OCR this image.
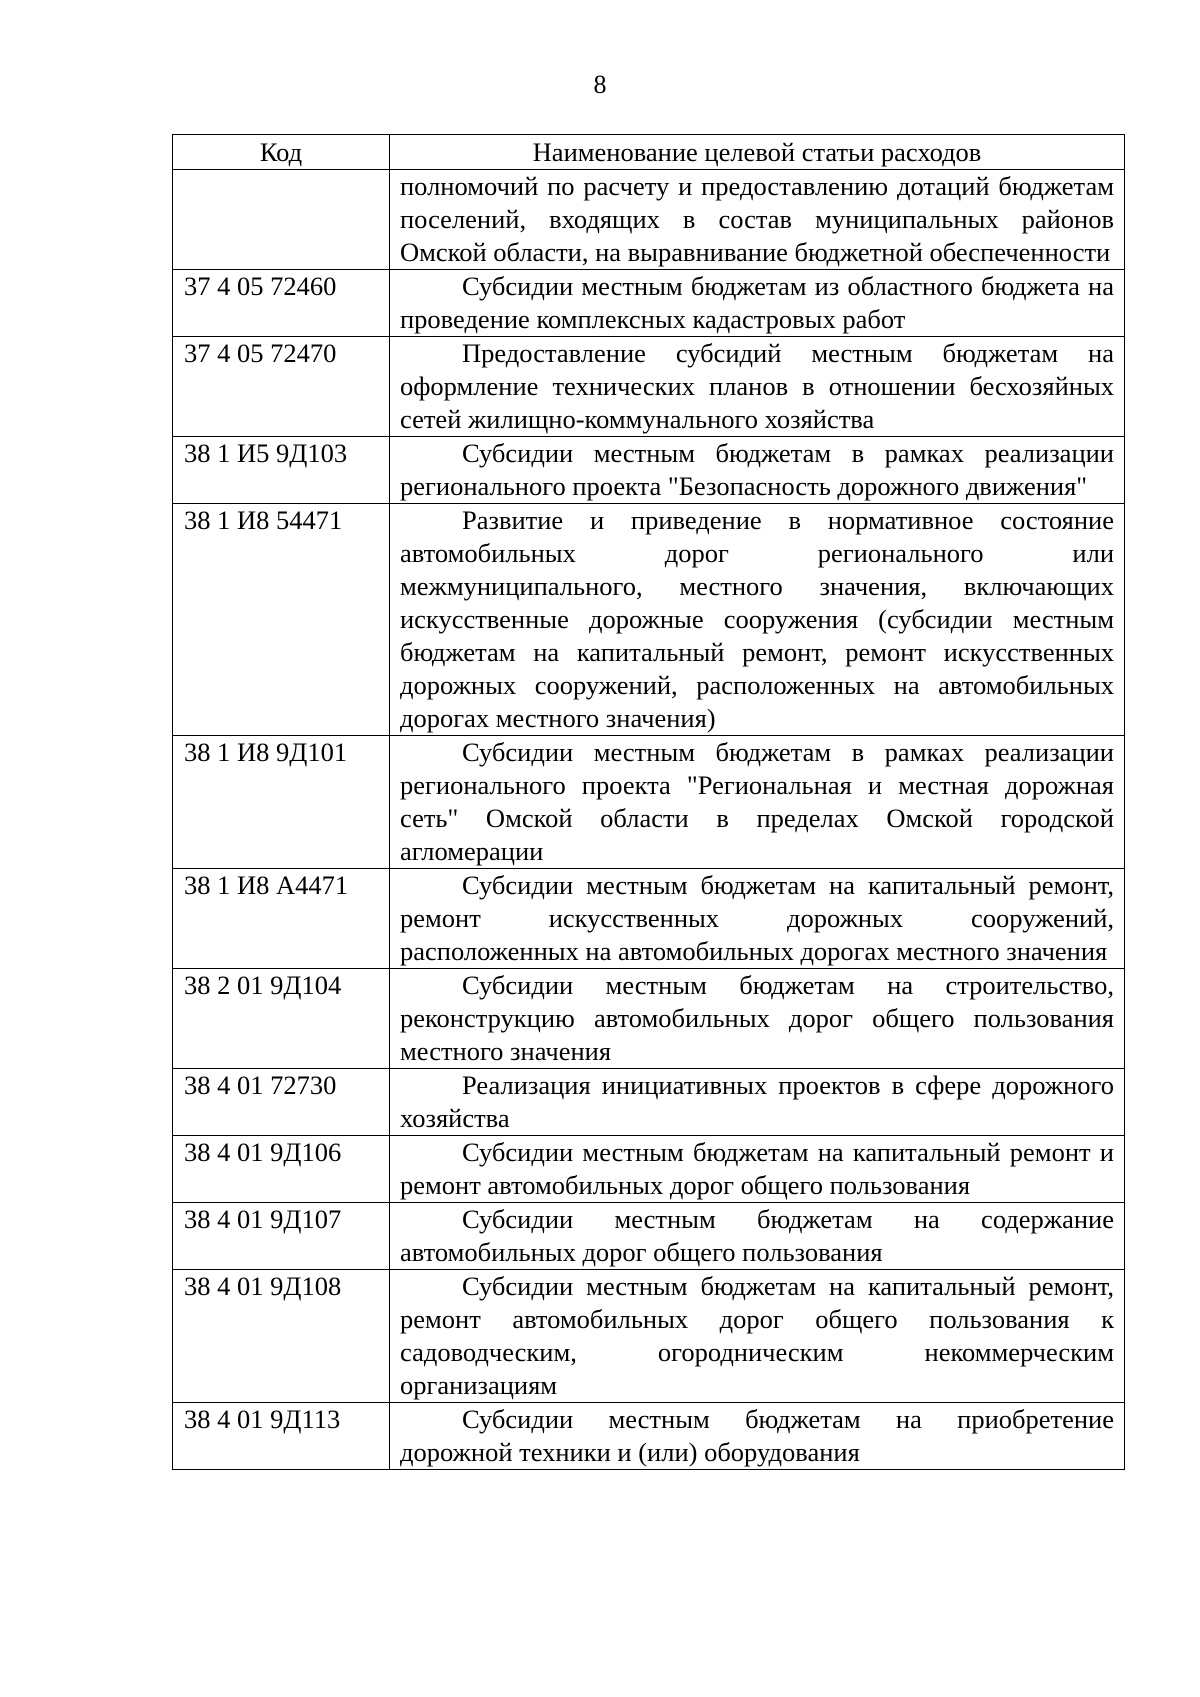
8
Код	Наименование целевой статьи расходов
	полномочий по расчету и предоставлению дотаций бюджетам поселений, входящих в состав муниципальных районов Омской области, на выравнивание бюджетной обеспеченности
37 4 05 72460	Субсидии местным бюджетам из областного бюджета на проведение комплексных кадастровых работ
37 4 05 72470	Предоставление субсидий местным бюджетам на оформление технических планов в отношении бесхозяйных сетей жилищно-коммунального хозяйства
38 1 И5 9Д103	Субсидии местным бюджетам в рамках реализации регионального проекта "Безопасность дорожного движения"
38 1 И8 54471	Развитие и приведение в нормативное состояние автомобильных дорог регионального или межмуниципального, местного значения, включающих искусственные дорожные сооружения (субсидии местным бюджетам на капитальный ремонт, ремонт искусственных дорожных сооружений, расположенных на автомобильных дорогах местного значения)
38 1 И8 9Д101	Субсидии местным бюджетам в рамках реализации регионального проекта "Региональная и местная дорожная сеть" Омской области в пределах Омской городской агломерации
38 1 И8 А4471	Субсидии местным бюджетам на капитальный ремонт, ремонт искусственных дорожных сооружений, расположенных на автомобильных дорогах местного значения
38 2 01 9Д104	Субсидии местным бюджетам на строительство, реконструкцию автомобильных дорог общего пользования местного значения
38 4 01 72730	Реализация инициативных проектов в сфере дорожного хозяйства
38 4 01 9Д106	Субсидии местным бюджетам на капитальный ремонт и ремонт автомобильных дорог общего пользования
38 4 01 9Д107	Субсидии местным бюджетам на содержание автомобильных дорог общего пользования
38 4 01 9Д108	Субсидии местным бюджетам на капитальный ремонт, ремонт автомобильных дорог общего пользования к садоводческим, огородническим некоммерческим организациям
38 4 01 9Д113	Субсидии местным бюджетам на приобретение дорожной техники и (или) оборудования
